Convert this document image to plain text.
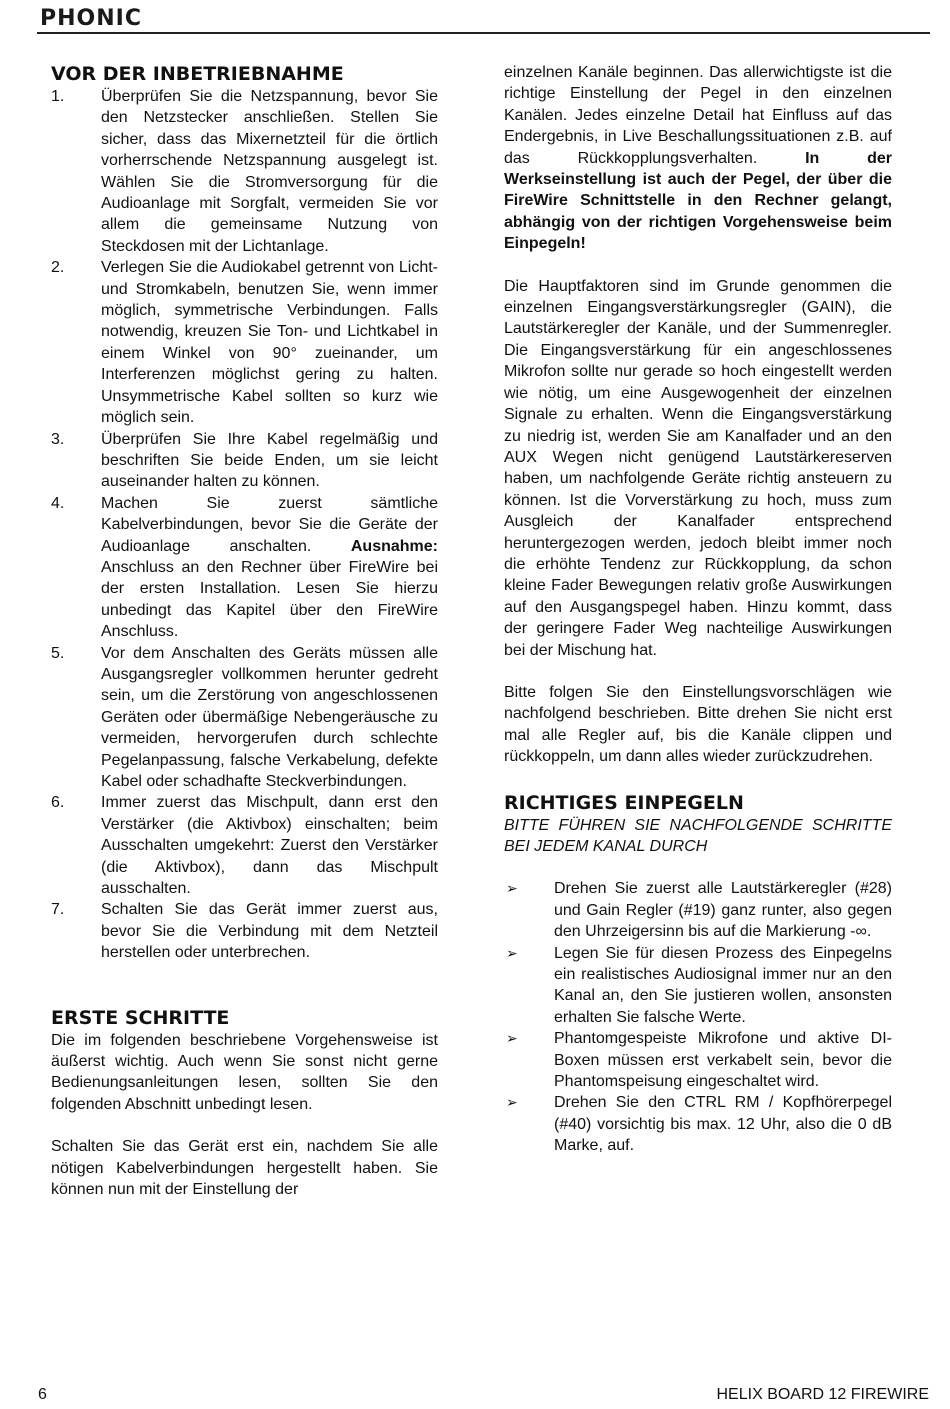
PHONIC
VOR DER INBETRIEBNAHME
1. Überprüfen Sie die Netzspannung, bevor Sie den Netzstecker anschließen. Stellen Sie sicher, dass das Mixernetzteil für die örtlich vorherrschende Netzspannung ausgelegt ist. Wählen Sie die Stromversorgung für die Audioanlage mit Sorgfalt, vermeiden Sie vor allem die gemeinsame Nutzung von Steckdosen mit der Lichtanlage.
2. Verlegen Sie die Audiokabel getrennt von Licht- und Stromkabeln, benutzen Sie, wenn immer möglich, symmetrische Verbindungen. Falls notwendig, kreuzen Sie Ton- und Lichtkabel in einem Winkel von 90° zueinander, um Interferenzen möglichst gering zu halten. Unsymmetrische Kabel sollten so kurz wie möglich sein.
3. Überprüfen Sie Ihre Kabel regelmäßig und beschriften Sie beide Enden, um sie leicht auseinander halten zu können.
4. Machen Sie zuerst sämtliche Kabelverbindungen, bevor Sie die Geräte der Audioanlage anschalten. Ausnahme: Anschluss an den Rechner über FireWire bei der ersten Installation. Lesen Sie hierzu unbedingt das Kapitel über den FireWire Anschluss.
5. Vor dem Anschalten des Geräts müssen alle Ausgangsregler vollkommen herunter gedreht sein, um die Zerstörung von angeschlossenen Geräten oder übermäßige Nebengeräusche zu vermeiden, hervorgerufen durch schlechte Pegelanpassung, falsche Verkabelung, defekte Kabel oder schadhafte Steckverbindungen.
6. Immer zuerst das Mischpult, dann erst den Verstärker (die Aktivbox) einschalten; beim Ausschalten umgekehrt: Zuerst den Verstärker (die Aktivbox), dann das Mischpult ausschalten.
7. Schalten Sie das Gerät immer zuerst aus, bevor Sie die Verbindung mit dem Netzteil herstellen oder unterbrechen.
ERSTE SCHRITTE

Die im folgenden beschriebene Vorgehensweise ist äußerst wichtig. Auch wenn Sie sonst nicht gerne Bedienungsanleitungen lesen, sollten Sie den folgenden Abschnitt unbedingt lesen.

Schalten Sie das Gerät erst ein, nachdem Sie alle nötigen Kabelverbindungen hergestellt haben. Sie können nun mit der Einstellung der

einzelnen Kanäle beginnen. Das allerwichtigste ist die richtige Einstellung der Pegel in den einzelnen Kanälen. Jedes einzelne Detail hat Einfluss auf das Endergebnis, in Live Beschallungssituationen z.B. auf das Rückkopplungsverhalten.	In der Werkseinstellung ist auch der Pegel, der über die FireWire Schnittstelle in den Rechner gelangt, abhängig von der richtigen Vorgehensweise beim Einpegeln!

Die Hauptfaktoren sind im Grunde genommen die einzelnen Eingangsverstärkungsregler (GAIN), die Lautstärkeregler der Kanäle, und der Summenregler. Die Eingangsverstärkung für ein angeschlossenes Mikrofon sollte nur gerade so hoch eingestellt werden wie nötig, um eine Ausgewogenheit der einzelnen Signale zu erhalten. Wenn die Eingangsverstärkung zu niedrig ist, werden Sie am Kanalfader und an den AUX Wegen nicht genügend Lautstärkereserven haben, um nachfolgende Geräte richtig ansteuern zu können. Ist die Vorverstärkung zu hoch, muss zum Ausgleich der Kanalfader entsprechend heruntergezogen werden, jedoch bleibt immer noch die erhöhte Tendenz zur Rückkopplung, da schon kleine Fader Bewegungen relativ große Auswirkungen auf den Ausgangspegel haben. Hinzu kommt, dass der geringere Fader Weg nachteilige Auswirkungen bei der Mischung hat.

Bitte folgen Sie den Einstellungsvorschlägen wie nachfolgend beschrieben. Bitte drehen Sie nicht erst mal alle Regler auf, bis die Kanäle clippen und rückkoppeln, um dann alles wieder zurückzudrehen.

RICHTIGES EINPEGELN
BITTE FÜHREN SIE NACHFOLGENDE SCHRITTE BEI JEDEM KANAL DURCH
➢ Drehen Sie zuerst alle Lautstärkeregler (#28) und Gain Regler (#19) ganz runter, also gegen den Uhrzeigersinn bis auf die Markierung -∞.
➢ Legen Sie für diesen Prozess des Einpegelns ein realistisches Audiosignal immer nur an den Kanal an, den Sie justieren wollen, ansonsten erhalten Sie falsche Werte.
➢ Phantomgespeiste Mikrofone und aktive DI-Boxen müssen erst verkabelt sein, bevor die Phantomspeisung eingeschaltet wird.
➢ Drehen Sie den CTRL RM / Kopfhörerpegel (#40) vorsichtig bis max. 12 Uhr, also die 0 dB Marke, auf.
6	HELIX BOARD 12 FIREWIRE
